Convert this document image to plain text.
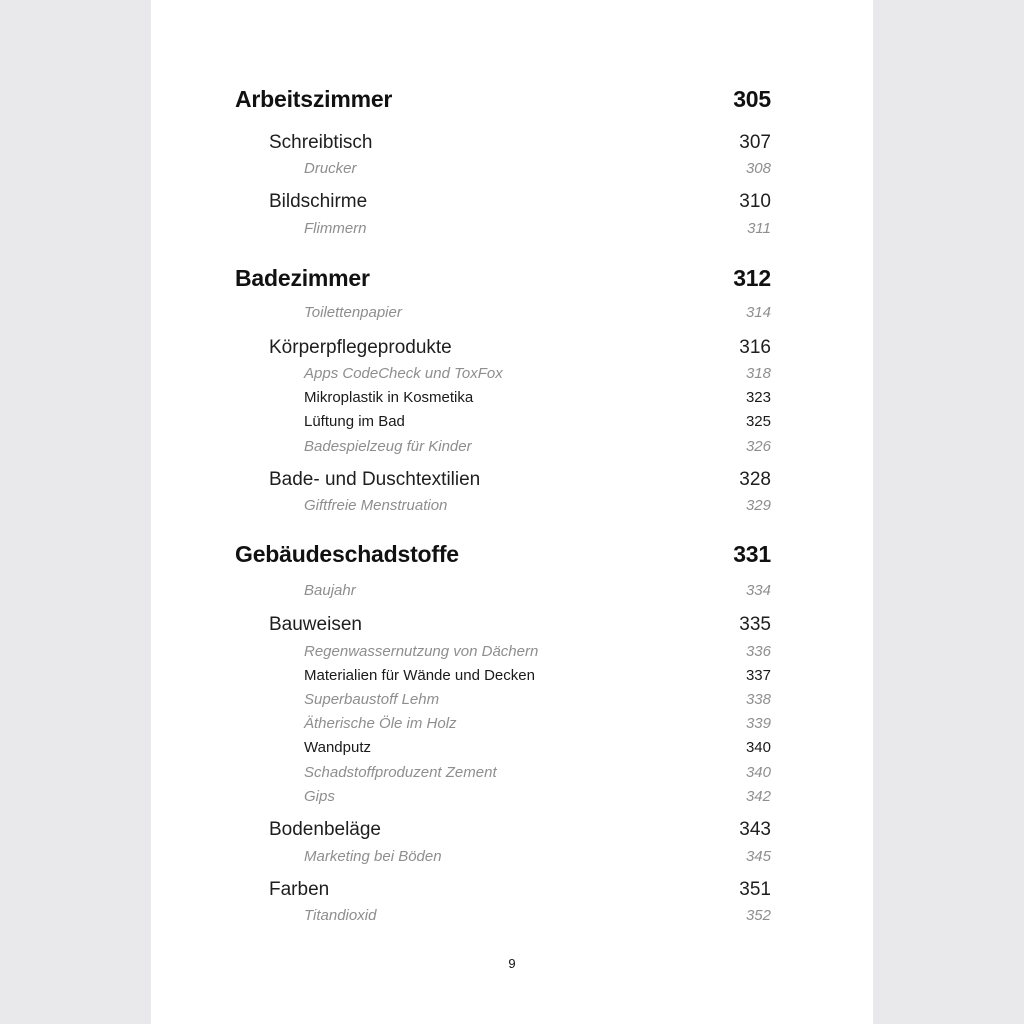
Arbeitszimmer	305
Schreibtisch	307
Drucker	308
Bildschirme	310
Flimmern	311
Badezimmer	312
Toilettenpapier	314
Körperpflegeprodukte	316
Apps CodeCheck und ToxFox	318
Mikroplastik in Kosmetika	323
Lüftung im Bad	325
Badespielzeug für Kinder	326
Bade- und Duschtextilien	328
Giftfreie Menstruation	329
Gebäudeschadstoffe	331
Baujahr	334
Bauweisen	335
Regenwassernutzung von Dächern	336
Materialien für Wände und Decken	337
Superbaustoff Lehm	338
Ätherische Öle im Holz	339
Wandputz	340
Schadstoffproduzent Zement	340
Gips	342
Bodenbeläge	343
Marketing bei Böden	345
Farben	351
Titandioxid	352
9
